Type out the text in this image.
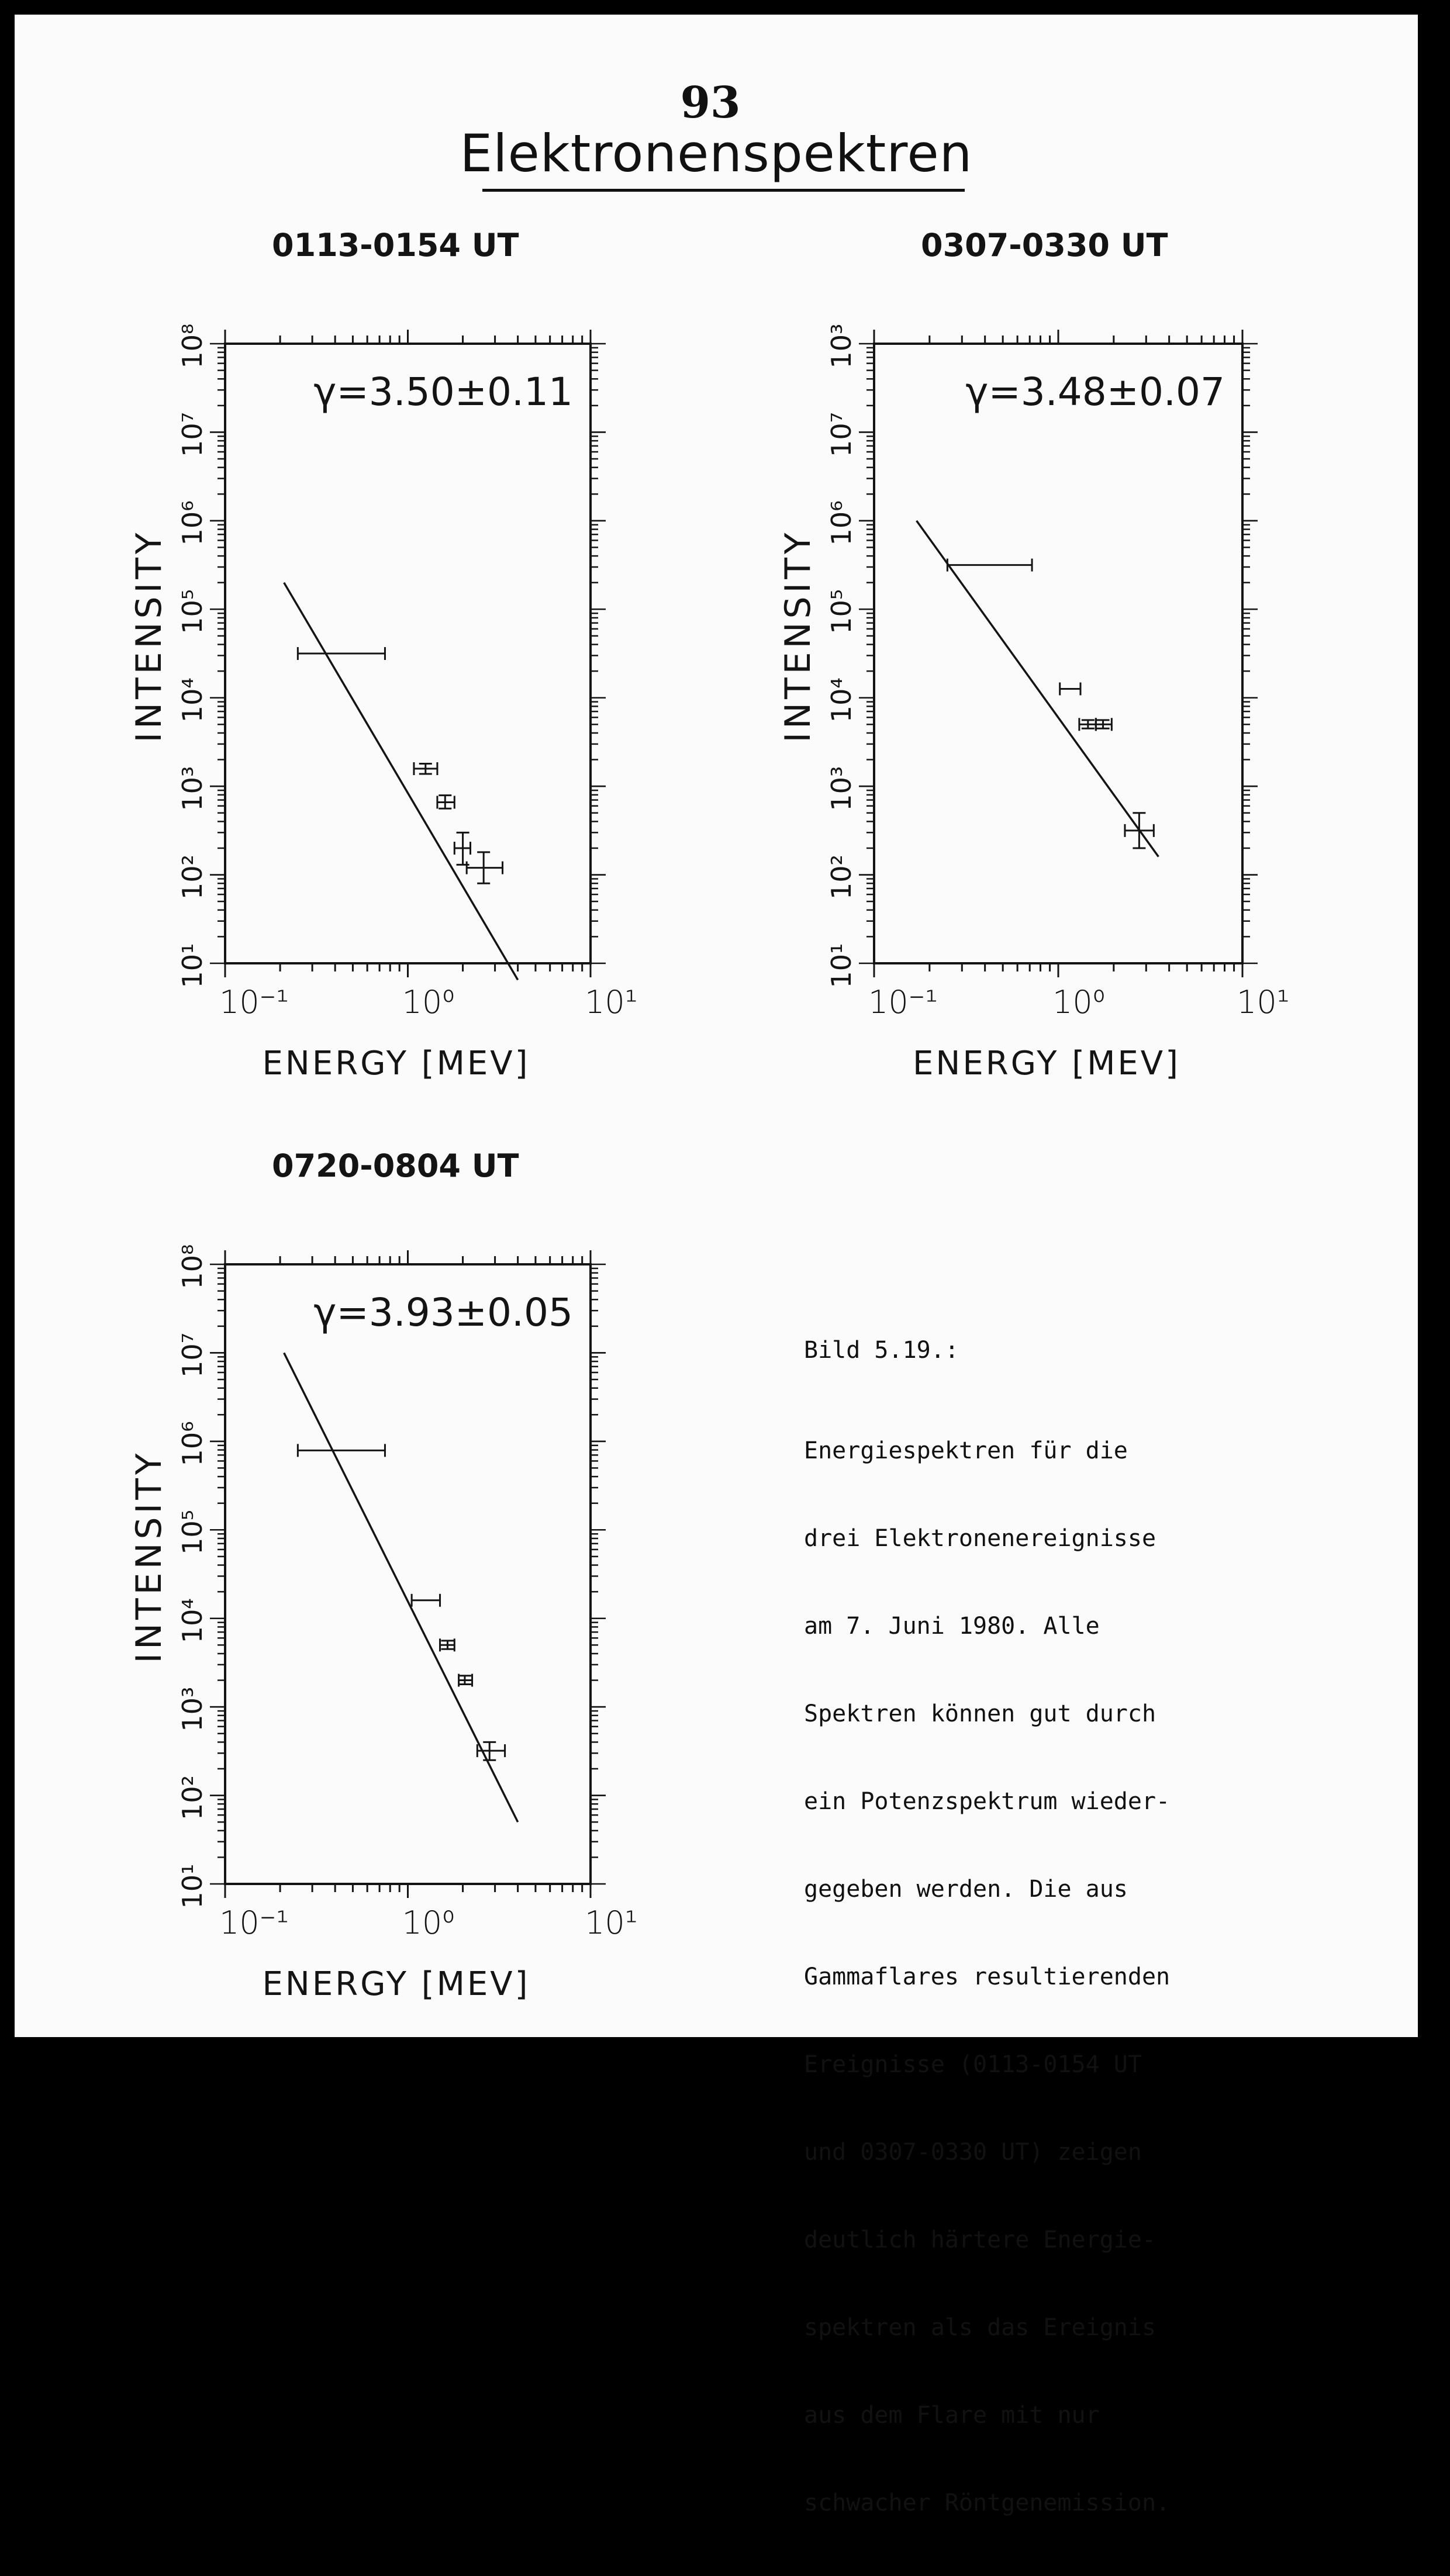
93
Elektronenspektren

Bild 5.19.:

Energiespektren für die

drei Elektronenereignisse

am 7. Juni 1980. Alle

Spektren können gut durch

ein Potenzspektrum wieder-

gegeben werden. Die aus

Gammaflares resultierenden

Ereignisse (0113-0154 UT

und 0307-0330 UT) zeigen

deutlich härtere Energie-

spektren als das Ereignis

aus dem Flare mit nur

schwacher Röntgenemission.

10⁻¹	10⁰	10¹
10¹
10²
10³
10⁴
10⁵
10⁶
10⁷
10⁸
ENERGY [MEV]
INTENSITY
0113-0154 UT
γ=3.50±0.11
10⁻¹	10⁰	10¹
10¹
10²
10³
10⁴
10⁵
10⁶
10⁷
10³
ENERGY [MEV]
INTENSITY
0307-0330 UT
γ=3.48±0.07
10⁻¹	10⁰	10¹
10¹
10²
10³
10⁴
10⁵
10⁶
10⁷
10⁸
ENERGY [MEV]
INTENSITY
0720-0804 UT
γ=3.93±0.05
